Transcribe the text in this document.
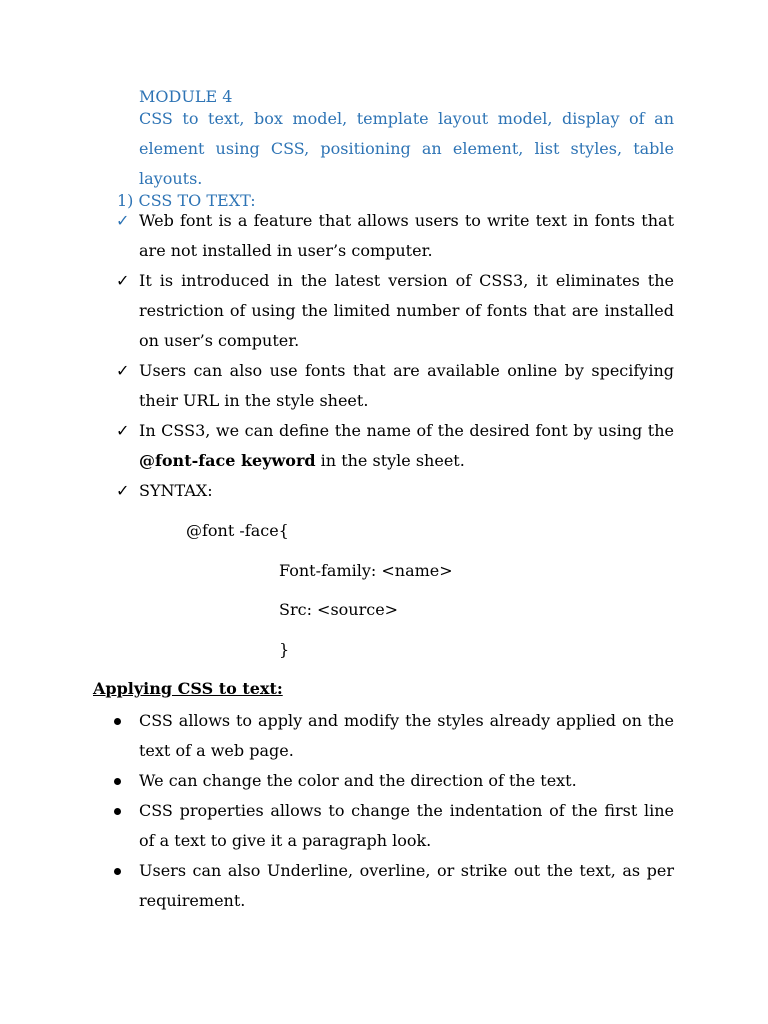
MODULE 4
CSS to text, box model, template layout model, display of an element using CSS, positioning an element, list styles, table layouts.
1) CSS TO TEXT:
✓ Web font is a feature that allows users to write text in fonts that are not installed in user’s computer.
✓ It is introduced in the latest version of CSS3, it eliminates the restriction of using the limited number of fonts that are installed on user’s computer.
✓ Users can also use fonts that are available online by specifying their URL in the style sheet.
✓ In CSS3, we can define the name of the desired font by using the @font-face keyword in the style sheet.
✓ SYNTAX:
@font -face{
Font-family: <name>
Src: <source>
}
Applying CSS to text:
CSS allows to apply and modify the styles already applied on the text of a web page.
We can change the color and the direction of the text.
CSS properties allows to change the indentation of the first line of a text to give it a paragraph look.
Users can also Underline, overline, or strike out the text, as per requirement.
